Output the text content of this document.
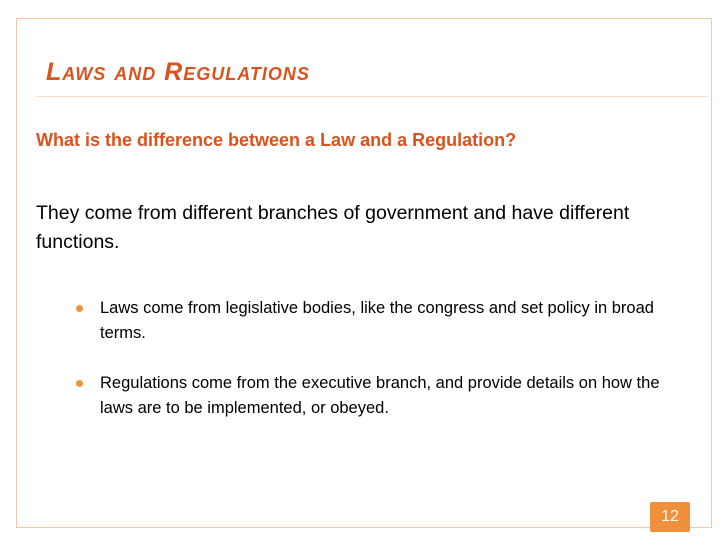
Laws and Regulations

What is the difference between a Law and a Regulation?

They come from different branches of government and have different functions.

Laws come from legislative bodies, like the congress and set policy in broad terms.
Regulations come from the executive branch, and provide details on how the laws are to be implemented, or obeyed.
12
